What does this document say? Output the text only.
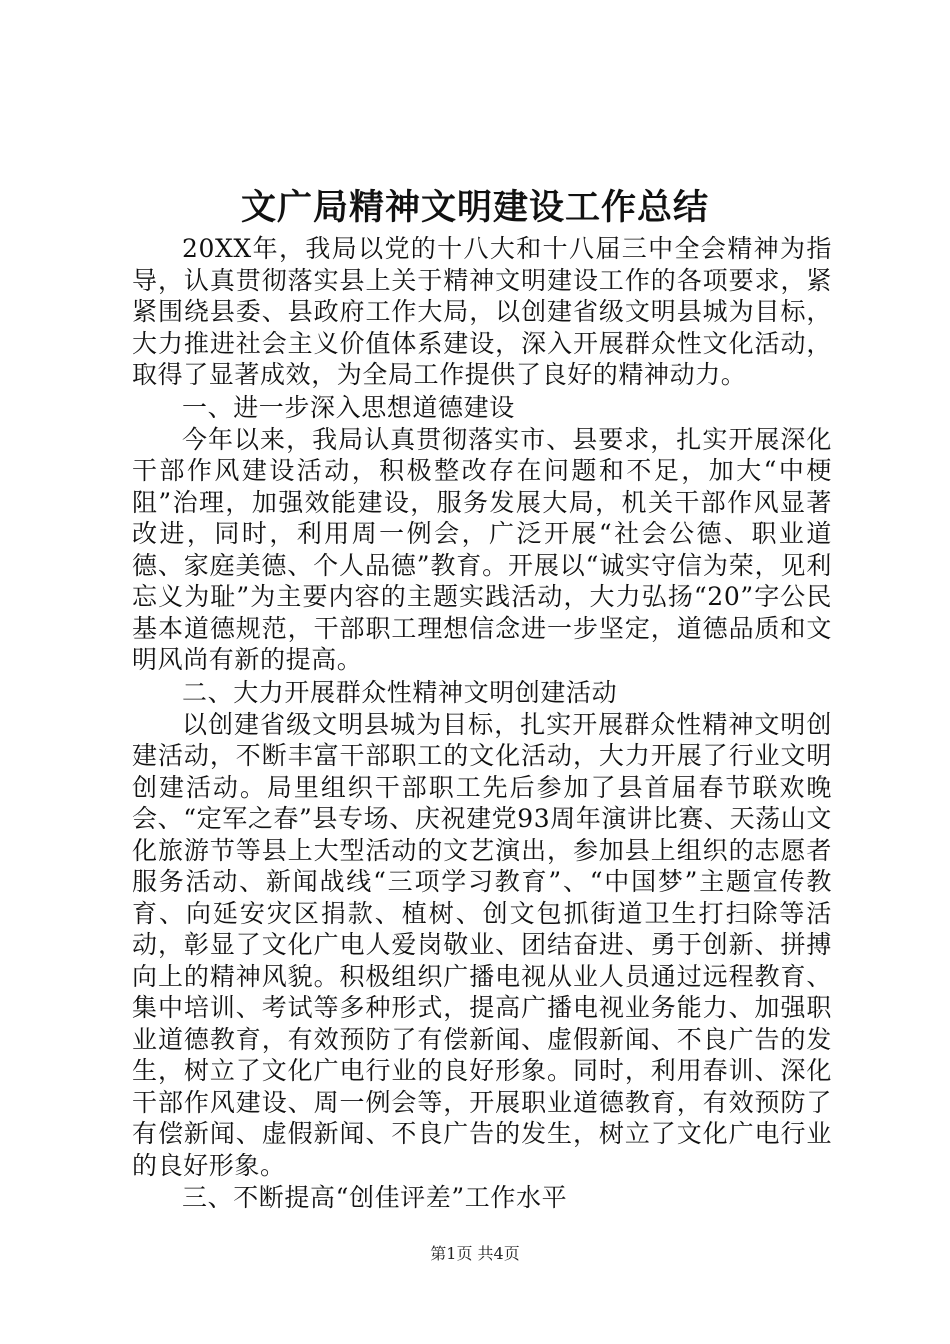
文广局精神文明建设工作总结

20XX年，我局以党的十八大和十八届三中全会精神为指导，认真贯彻落实县上关于精神文明建设工作的各项要求，紧紧围绕县委、县政府工作大局，以创建省级文明县城为目标，大力推进社会主义价值体系建设，深入开展群众性文化活动，取得了显著成效，为全局工作提供了良好的精神动力。

一、进一步深入思想道德建设

今年以来，我局认真贯彻落实市、县要求，扎实开展深化干部作风建设活动，积极整改存在问题和不足，加大“中梗阻”治理，加强效能建设，服务发展大局，机关干部作风显著改进，同时，利用周一例会，广泛开展“社会公德、职业道德、家庭美德、个人品德”教育。开展以“诚实守信为荣，见利忘义为耻”为主要内容的主题实践活动，大力弘扬“20”字公民基本道德规范，干部职工理想信念进一步坚定，道德品质和文明风尚有新的提高。

二、大力开展群众性精神文明创建活动

以创建省级文明县城为目标，扎实开展群众性精神文明创建活动，不断丰富干部职工的文化活动，大力开展了行业文明创建活动。局里组织干部职工先后参加了县首届春节联欢晚会、“定军之春”县专场、庆祝建党93周年演讲比赛、天荡山文化旅游节等县上大型活动的文艺演出，参加县上组织的志愿者服务活动、新闻战线“三项学习教育”、“中国梦”主题宣传教育、向延安灾区捐款、植树、创文包抓街道卫生打扫除等活动，彰显了文化广电人爱岗敬业、团结奋进、勇于创新、拼搏向上的精神风貌。积极组织广播电视从业人员通过远程教育、集中培训、考试等多种形式，提高广播电视业务能力、加强职业道德教育，有效预防了有偿新闻、虚假新闻、不良广告的发生，树立了文化广电行业的良好形象。同时，利用春训、深化干部作风建设、周一例会等，开展职业道德教育，有效预防了有偿新闻、虚假新闻、不良广告的发生，树立了文化广电行业的良好形象。

三、不断提高“创佳评差”工作水平

第1页 共4页
